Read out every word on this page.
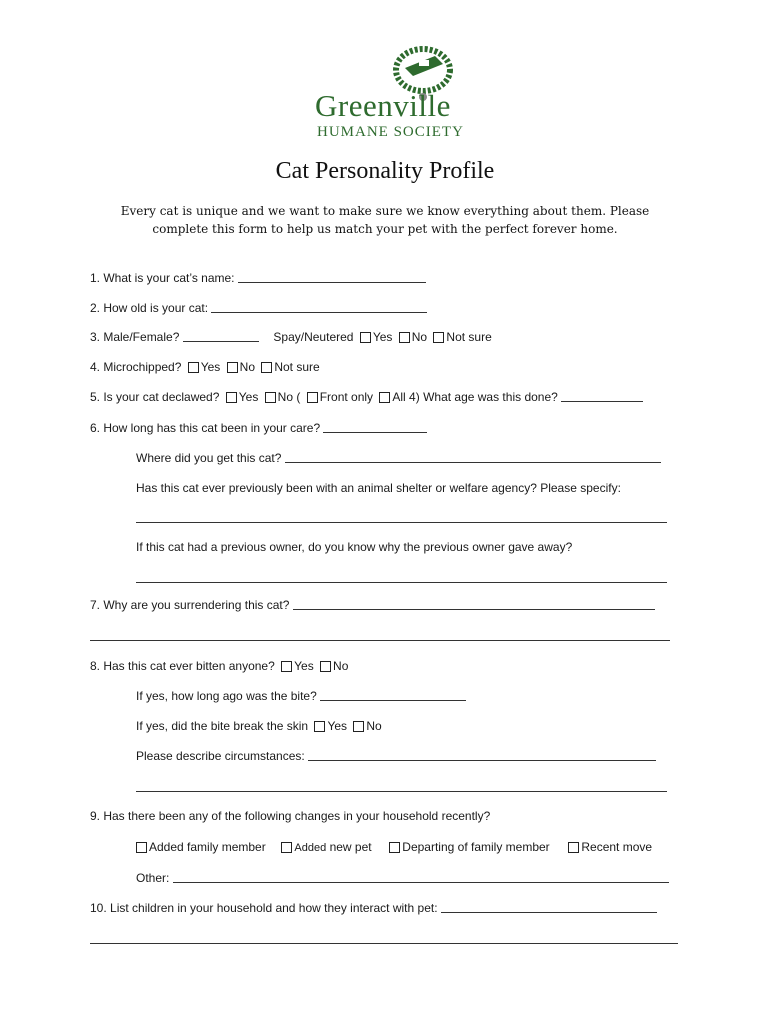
Greenville
HUMANE SOCIETY
Cat Personality Profile
Every cat is unique and we want to make sure we know everything about them. Please
complete this form to help us match your pet with the perfect forever home.
1. What is your cat’s name:
2. How old is your cat:
3. Male/Female?	Spay/Neutered Yes No Not sure
4. Microchipped? Yes No Not sure
5. Is your cat declawed? Yes No ( Front only All 4) What age was this done?
6. How long has this cat been in your care?
Where did you get this cat?
Has this cat ever previously been with an animal shelter or welfare agency? Please specify:
If this cat had a previous owner, do you know why the previous owner gave away?
7. Why are you surrendering this cat?
8. Has this cat ever bitten anyone? Yes No
If yes, how long ago was the bite?
If yes, did the bite break the skin Yes No
Please describe circumstances:
9. Has there been any of the following changes in your household recently?
Added family member	Added new pet	Departing of family member	Recent move
Other:
10. List children in your household and how they interact with pet:
